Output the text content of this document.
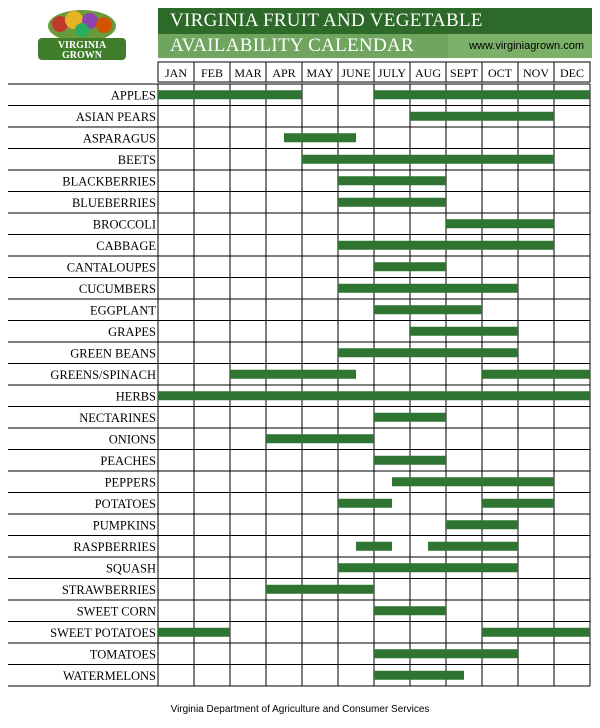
VIRGINIA
GROWN
VIRGINIA FRUIT AND VEGETABLE
AVAILABILITY CALENDAR	www.virginiagrown.com
JAN FEB MAR APR MAY JUNE JULY AUG SEPT OCT NOV DEC
APPLES
ASIAN PEARS
ASPARAGUS
BEETS
BLACKBERRIES
BLUEBERRIES
BROCCOLI
CABBAGE
CANTALOUPES
CUCUMBERS
EGGPLANT
GRAPES
GREEN BEANS
GREENS/SPINACH
HERBS
NECTARINES
ONIONS
PEACHES
PEPPERS
POTATOES
PUMPKINS
RASPBERRIES
SQUASH
STRAWBERRIES
SWEET CORN
SWEET POTATOES
TOMATOES
WATERMELONS
Virginia Department of Agriculture and Consumer Services
